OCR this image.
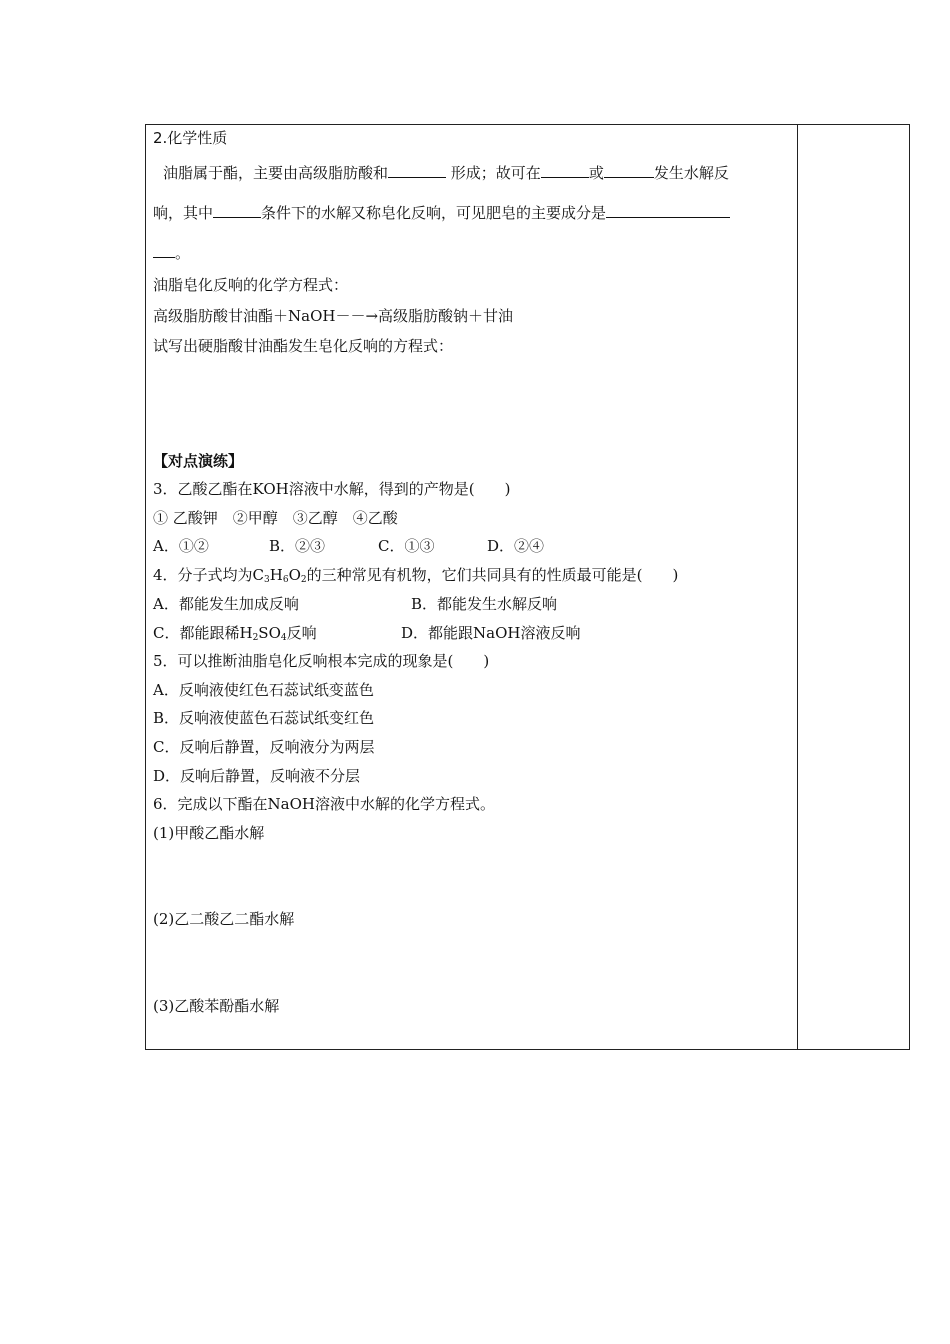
2.化学性质
油脂属于酯，主要由高级脂肪酸和	形成；故可在	或	发生水解反
响，其中	条件下的水解又称皂化反响，可见肥皂的主要成分是
。
油脂皂化反响的化学方程式：
高级脂肪酸甘油酯＋NaOH－－→高级脂肪酸钠＋甘油
试写出硬脂酸甘油酯发生皂化反响的方程式：
【对点演练】
3．乙酸乙酯在KOH溶液中水解，得到的产物是(　　)
① 乙酸钾　②甲醇　③乙醇　④乙酸
A．①②	B．②③	C．①③	D．②④
4．分子式均为$C_3H_6O_2$的三种常见有机物，它们共同具有的性质最可能是(　　)
A．都能发生加成反响	B．都能发生水解反响
C．都能跟稀$H_2SO_4$反响	D．都能跟NaOH溶液反响
5．可以推断油脂皂化反响根本完成的现象是(　　)
A．反响液使红色石蕊试纸变蓝色
B．反响液使蓝色石蕊试纸变红色
C．反响后静置，反响液分为两层
D．反响后静置，反响液不分层
6．完成以下酯在NaOH溶液中水解的化学方程式。
(1)甲酸乙酯水解
(2)乙二酸乙二酯水解
(3)乙酸苯酚酯水解
